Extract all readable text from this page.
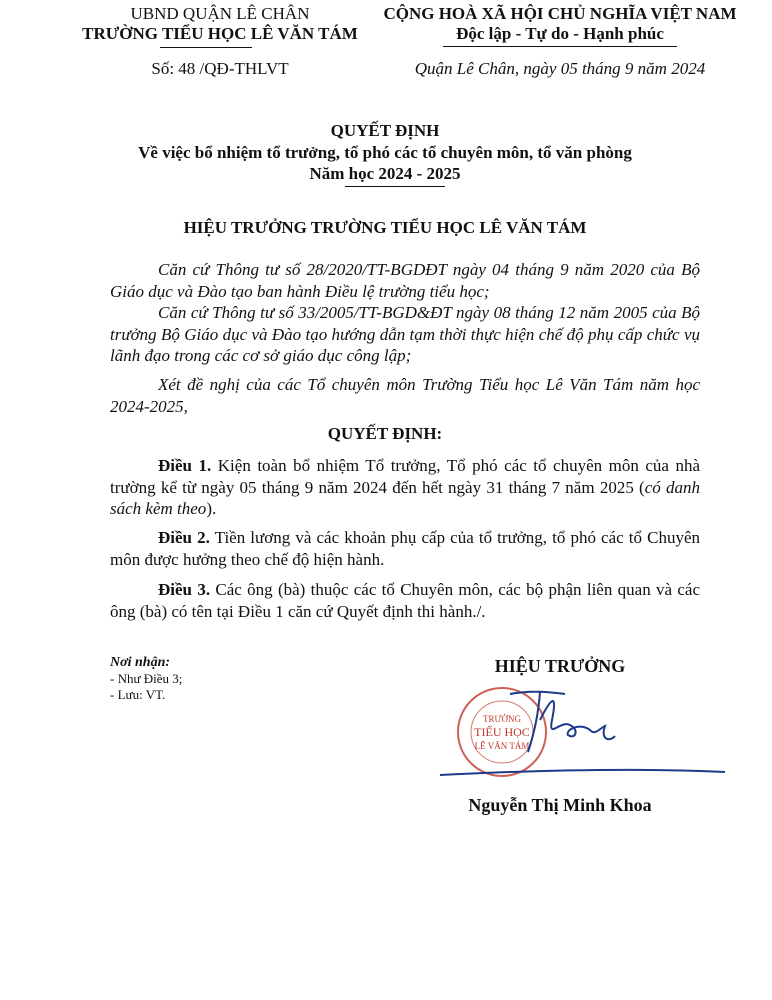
UBND QUẬN LÊ CHÂN
TRƯỜNG TIỂU HỌC LÊ VĂN TÁM
Số: 48 /QĐ-THLVT
CỘNG HOÀ XÃ HỘI CHỦ NGHĨA VIỆT NAM
Độc lập - Tự do - Hạnh phúc
Quận Lê Chân, ngày 05 tháng 9 năm 2024
QUYẾT ĐỊNH
Về việc bổ nhiệm tổ trưởng, tổ phó các tổ chuyên môn, tổ văn phòng
Năm học 2024 - 2025
HIỆU TRƯỞNG TRƯỜNG TIỂU HỌC LÊ VĂN TÁM
Căn cứ Thông tư số 28/2020/TT-BGDĐT ngày 04 tháng 9 năm 2020 của Bộ Giáo dục và Đào tạo ban hành Điều lệ trường tiểu học;
Căn cứ Thông tư số 33/2005/TT-BGD&ĐT ngày 08 tháng 12 năm 2005 của Bộ trưởng Bộ Giáo dục và Đào tạo hướng dẫn tạm thời thực hiện chế độ phụ cấp chức vụ lãnh đạo trong các cơ sở giáo dục công lập;
Xét đề nghị của các Tổ chuyên môn Trường Tiểu học Lê Văn Tám năm học 2024-2025,
QUYẾT ĐỊNH:
Điều 1. Kiện toàn bổ nhiệm Tổ trưởng, Tổ phó các tổ chuyên môn của nhà trường kể từ ngày 05 tháng 9 năm 2024 đến hết ngày 31 tháng 7 năm 2025 (có danh sách kèm theo).
Điều 2. Tiền lương và các khoản phụ cấp của tổ trưởng, tổ phó các tổ Chuyên môn được hưởng theo chế độ hiện hành.
Điều 3. Các ông (bà) thuộc các tổ Chuyên môn, các bộ phận liên quan và các ông (bà) có tên tại Điều 1 căn cứ Quyết định thi hành./.
Nơi nhận:
- Như Điều 3;
- Lưu: VT.
HIỆU TRƯỞNG
TRƯỜNG
TIỂU HỌC
LÊ VĂN TÁM
Nguyễn Thị Minh Khoa
